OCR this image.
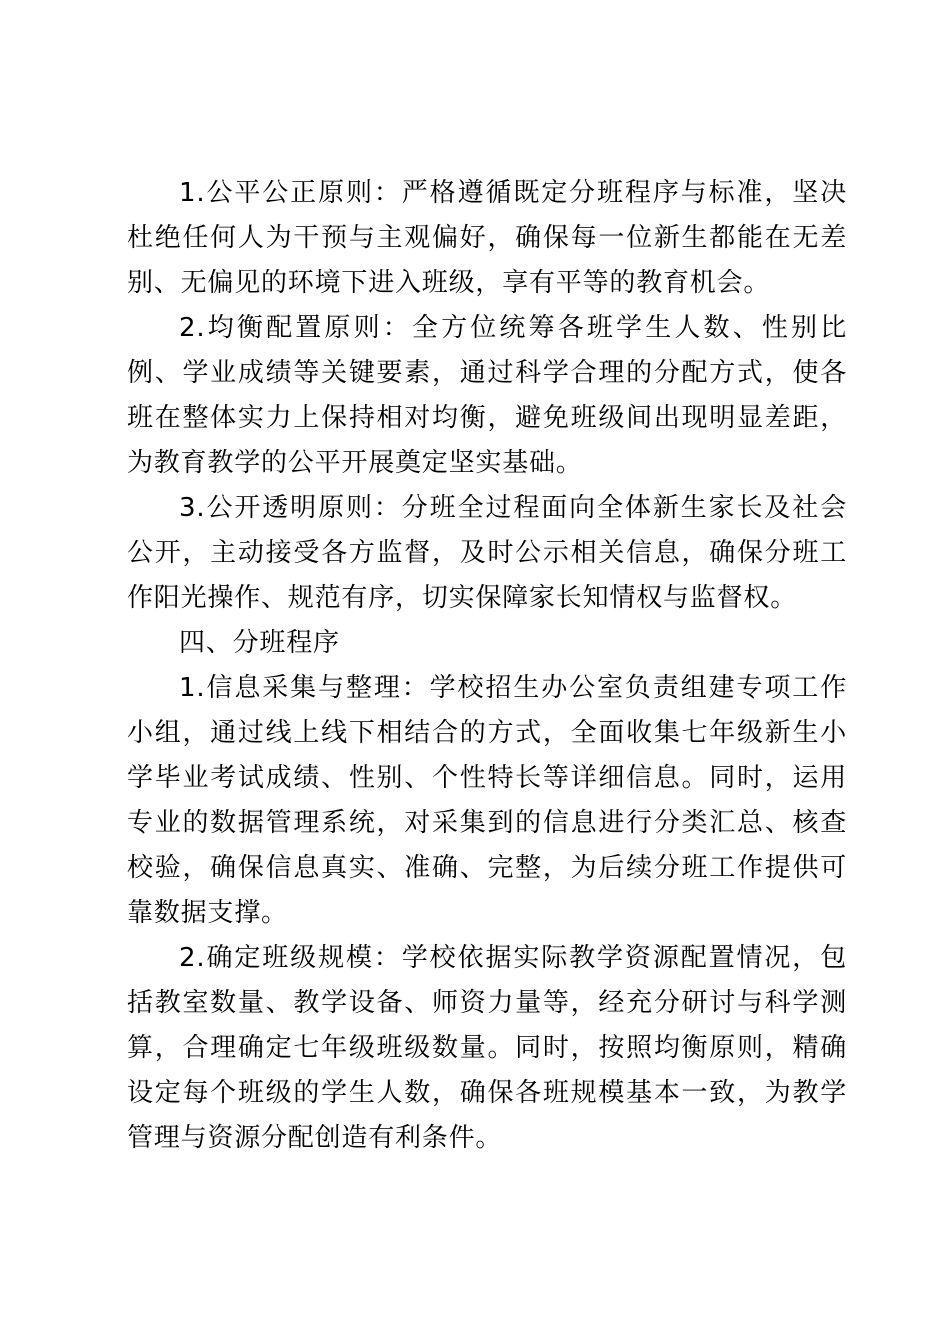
1.公平公正原则：严格遵循既定分班程序与标准，坚决杜绝任何人为干预与主观偏好，确保每一位新生都能在无差别、无偏见的环境下进入班级，享有平等的教育机会。

2.均衡配置原则：全方位统筹各班学生人数、性别比例、学业成绩等关键要素，通过科学合理的分配方式，使各班在整体实力上保持相对均衡，避免班级间出现明显差距，为教育教学的公平开展奠定坚实基础。

3.公开透明原则：分班全过程面向全体新生家长及社会公开，主动接受各方监督，及时公示相关信息，确保分班工作阳光操作、规范有序，切实保障家长知情权与监督权。

四、分班程序

1.信息采集与整理：学校招生办公室负责组建专项工作小组，通过线上线下相结合的方式，全面收集七年级新生小学毕业考试成绩、性别、个性特长等详细信息。同时，运用专业的数据管理系统，对采集到的信息进行分类汇总、核查校验，确保信息真实、准确、完整，为后续分班工作提供可靠数据支撑。

2.确定班级规模：学校依据实际教学资源配置情况，包括教室数量、教学设备、师资力量等，经充分研讨与科学测算，合理确定七年级班级数量。同时，按照均衡原则，精确设定每个班级的学生人数，确保各班规模基本一致，为教学管理与资源分配创造有利条件。
